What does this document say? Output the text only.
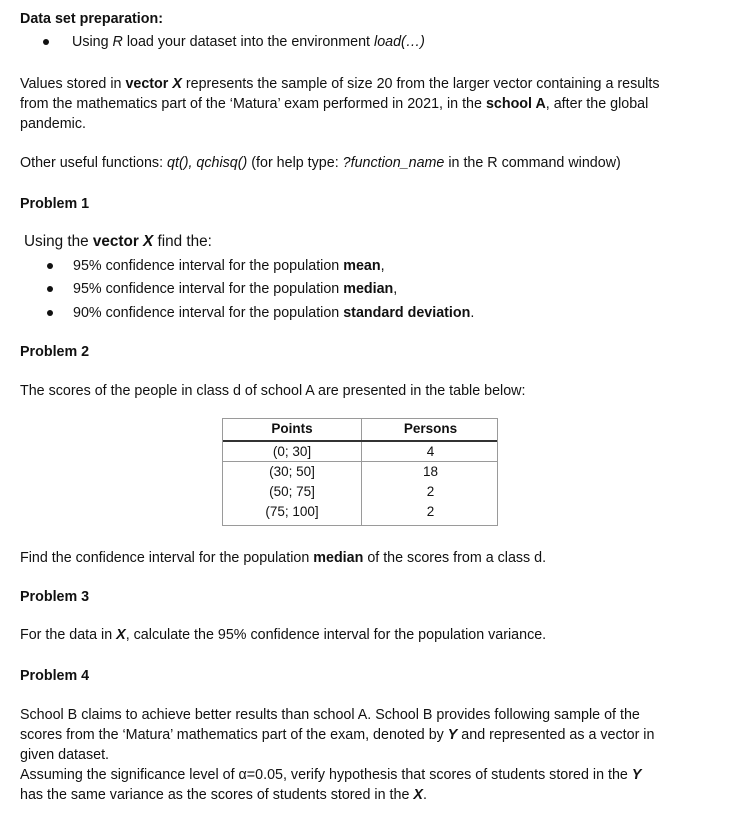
Data set preparation:
Using R load your dataset into the environment load(…)
Values stored in vector X represents the sample of size 20 from the larger vector containing a results
from the mathematics part of the ‘Matura’ exam performed in 2021, in the school A, after the global
pandemic.
Other useful functions: qt(), qchisq() (for help type: ?function_name in the R command window)
Problem 1
Using the vector X find the:
95% confidence interval for the population mean,
95% confidence interval for the population median,
90% confidence interval for the population standard deviation.
Problem 2
The scores of the people in class d of school A are presented in the table below:
Points	Persons
(0; 30]	4
(30; 50]	18
(50; 75]	2
(75; 100]	2
Find the confidence interval for the population median of the scores from a class d.
Problem 3
For the data in X, calculate the 95% confidence interval for the population variance.
Problem 4
School B claims to achieve better results than school A. School B provides following sample of the
scores from the ‘Matura’ mathematics part of the exam, denoted by Y and represented as a vector in
given dataset.
Assuming the significance level of α=0.05, verify hypothesis that scores of students stored in the Y
has the same variance as the scores of students stored in the X.
